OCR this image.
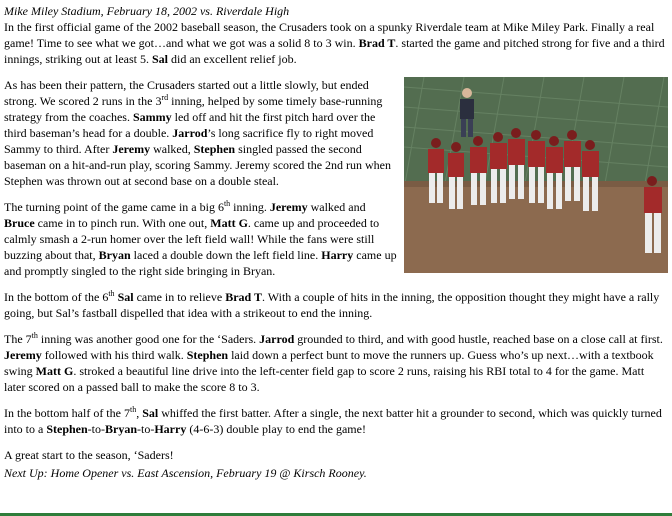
Mike Miley Stadium, February 18, 2002 vs. Riverdale High

In the first official game of the 2002 baseball season, the Crusaders took on a spunky Riverdale team at Mike Miley Park. Finally a real game! Time to see what we got…and what we got was a solid 8 to 3 win. Brad T. started the game and pitched strong for five and a third innings, striking out at least 5. Sal did an excellent relief job.

As has been their pattern, the Crusaders started out a little slowly, but ended strong. We scored 2 runs in the 3rd inning, helped by some timely base-running strategy from the coaches. Sammy led off and hit the first pitch hard over the third baseman’s head for a double. Jarrod’s long sacrifice fly to right moved Sammy to third. After Jeremy walked, Stephen singled passed the second baseman on a hit-and-run play, scoring Sammy. Jeremy scored the 2nd run when Stephen was thrown out at second base on a double steal.

The turning point of the game came in a big 6th inning. Jeremy walked and Bruce came in to pinch run. With one out, Matt G. came up and proceeded to calmly smash a 2-run homer over the left field wall! While the fans were still buzzing about that, Bryan laced a double down the left field line. Harry came up and promptly singled to the right side bringing in Bryan.

In the bottom of the 6th Sal came in to relieve Brad T. With a couple of hits in the inning, the opposition thought they might have a rally going, but Sal’s fastball dispelled that idea with a strikeout to end the inning.

The 7th inning was another good one for the ‘Saders. Jarrod grounded to third, and with good hustle, reached base on a close call at first. Jeremy followed with his third walk. Stephen laid down a perfect bunt to move the runners up. Guess who’s up next…with a textbook swing Matt G. stroked a beautiful line drive into the left-center field gap to score 2 runs, raising his RBI total to 4 for the game. Matt later scored on a passed ball to make the score 8 to 3.

In the bottom half of the 7th, Sal whiffed the first batter. After a single, the next batter hit a grounder to second, which was quickly turned into to a Stephen-to-Bryan-to-Harry (4-6-3) double play to end the game!

A great start to the season, ‘Saders!

Next Up: Home Opener vs. East Ascension, February 19 @ Kirsch Rooney.
